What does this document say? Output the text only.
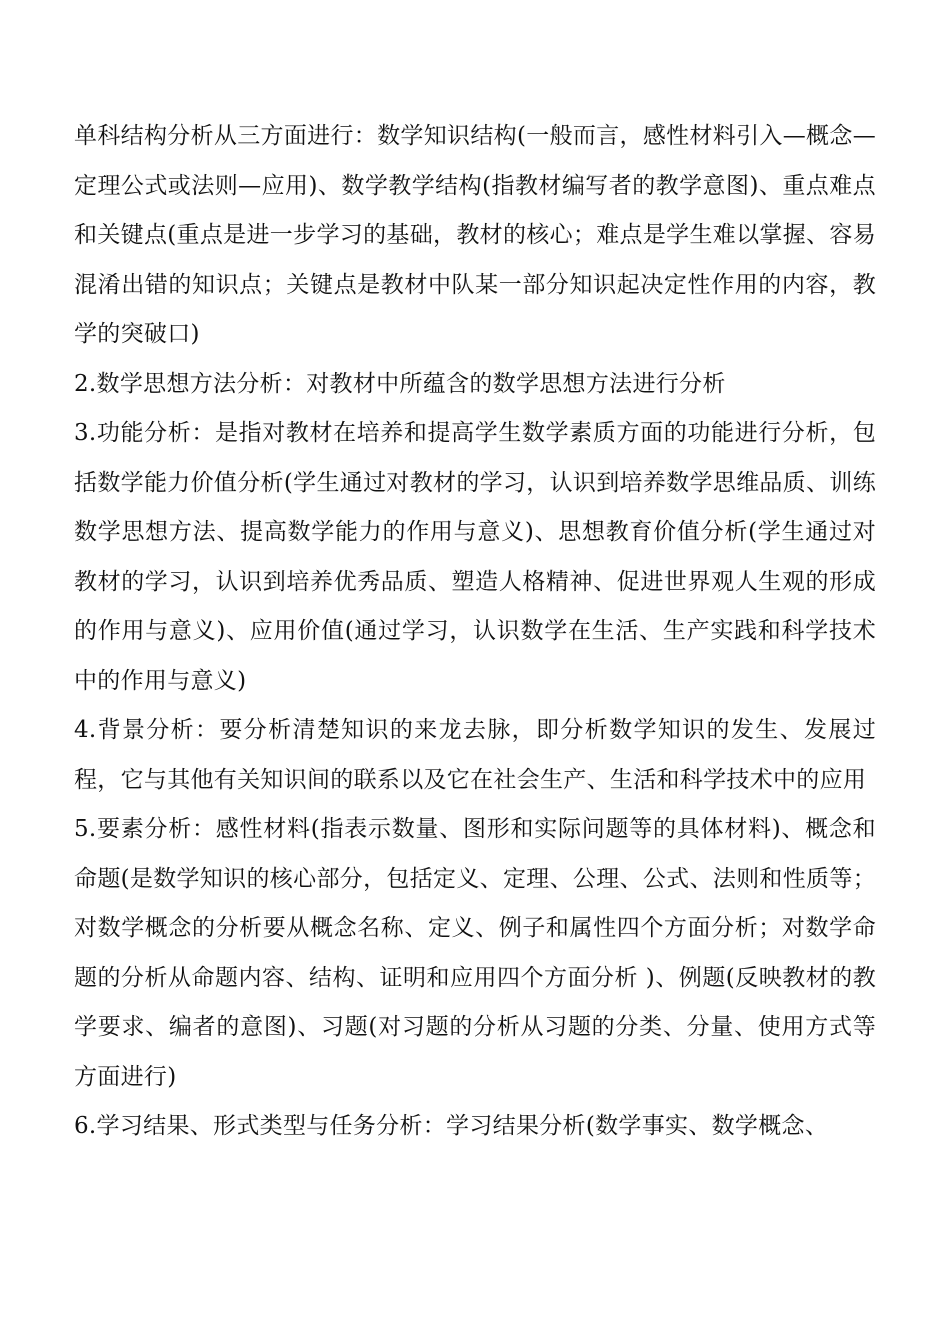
单科结构分析从三方面进行：数学知识结构(一般而言，感性材料引入—概念—定理公式或法则—应用)、数学教学结构(指教材编写者的教学意图)、重点难点和关键点(重点是进一步学习的基础，教材的核心；难点是学生难以掌握、容易混淆出错的知识点；关键点是教材中队某一部分知识起决定性作用的内容，教学的突破口)

2.数学思想方法分析：对教材中所蕴含的数学思想方法进行分析

3.功能分析：是指对教材在培养和提高学生数学素质方面的功能进行分析，包括数学能力价值分析(学生通过对教材的学习，认识到培养数学思维品质、训练数学思想方法、提高数学能力的作用与意义)、思想教育价值分析(学生通过对教材的学习，认识到培养优秀品质、塑造人格精神、促进世界观人生观的形成的作用与意义)、应用价值(通过学习，认识数学在生活、生产实践和科学技术中的作用与意义)

4.背景分析：要分析清楚知识的来龙去脉，即分析数学知识的发生、发展过程，它与其他有关知识间的联系以及它在社会生产、生活和科学技术中的应用

5.要素分析：感性材料(指表示数量、图形和实际问题等的具体材料)、概念和命题(是数学知识的核心部分，包括定义、定理、公理、公式、法则和性质等；对数学概念的分析要从概念名称、定义、例子和属性四个方面分析；对数学命题的分析从命题内容、结构、证明和应用四个方面分析 )、例题(反映教材的教学要求、编者的意图)、习题(对习题的分析从习题的分类、分量、使用方式等方面进行)

6.学习结果、形式类型与任务分析：学习结果分析(数学事实、数学概念、
